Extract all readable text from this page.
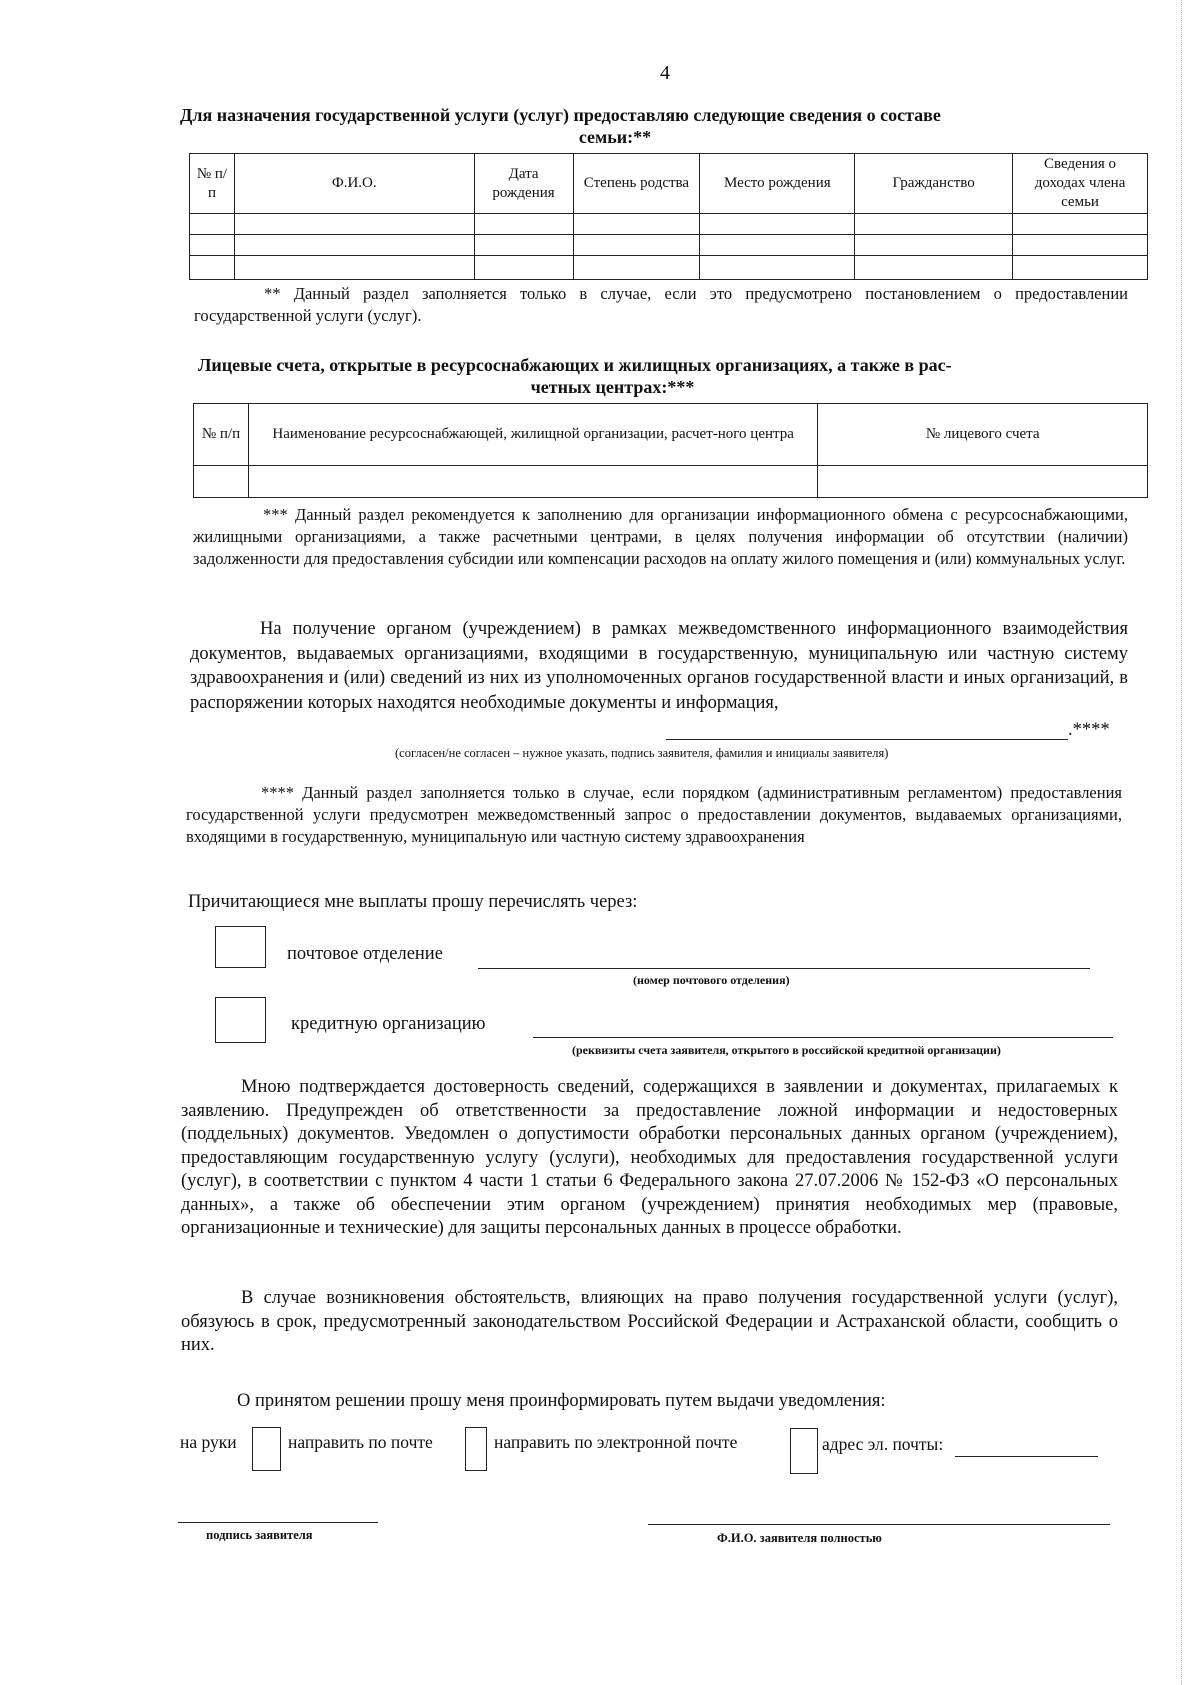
4
Для назначения государственной услуги (услуг) предоставляю следующие сведения о составе
семьи:**
№ п/п	Ф.И.О.	Дата рождения	Степень родства	Место рождения	Гражданство	Сведения о доходах члена семьи

** Данный раздел заполняется только в случае, если это предусмотрено постановлением о предоставлении государственной услуги (услуг).
Лицевые счета, открытые в ресурсоснабжающих и жилищных организациях, а также в рас-
четных центрах:***
№ п/п	Наименование ресурсоснабжающей, жилищной организации, расчет-ного центра	№ лицевого счета

*** Данный раздел рекомендуется к заполнению для организации информационного обмена с ресурсоснабжающими, жилищными организациями, а также расчетными центрами, в целях получения информации об отсутствии (наличии) задолженности для предоставления субсидии или компенсации расходов на оплату жилого помещения и (или) коммунальных услуг.
На получение органом (учреждением) в рамках межведомственного информационного взаимодействия документов, выдаваемых организациями, входящими в государственную, муниципальную или частную систему здравоохранения и (или) сведений из них из уполномоченных органов государственной власти и иных организаций, в распоряжении которых находятся необходимые документы и информация,
.****
(согласен/не согласен – нужное указать, подпись заявителя, фамилия и инициалы заявителя)
**** Данный раздел заполняется только в случае, если порядком (административным регламентом) предоставления государственной услуги предусмотрен межведомственный запрос о предоставлении документов, выдаваемых организациями, входящими в государственную, муниципальную или частную систему здравоохранения
Причитающиеся мне выплаты прошу перечислять через:
почтовое отделение
(номер почтового отделения)
кредитную организацию
(реквизиты счета заявителя, открытого в российской кредитной организации)
Мною подтверждается достоверность сведений, содержащихся в заявлении и документах, прилагаемых к заявлению. Предупрежден об ответственности за предоставление ложной информации и недостоверных (поддельных) документов. Уведомлен о допустимости обработки персональных данных органом (учреждением), предоставляющим государственную услугу (услуги), необходимых для предоставления государственной услуги (услуг), в соответствии с пунктом 4 части 1 статьи 6 Федерального закона 27.07.2006 № 152-ФЗ «О персональных данных», а также об обеспечении этим органом (учреждением) принятия необходимых мер (правовые, организационные и технические) для защиты персональных данных в процессе обработки.
В случае возникновения обстоятельств, влияющих на право получения государственной услуги (услуг), обязуюсь в срок, предусмотренный законодательством Российской Федерации и Астраханской области, сообщить о них.
О принятом решении прошу меня проинформировать путем выдачи уведомления:
на руки	направить по почте	направить по электронной почте	адрес эл. почты:
подпись заявителя	Ф.И.О. заявителя полностью
